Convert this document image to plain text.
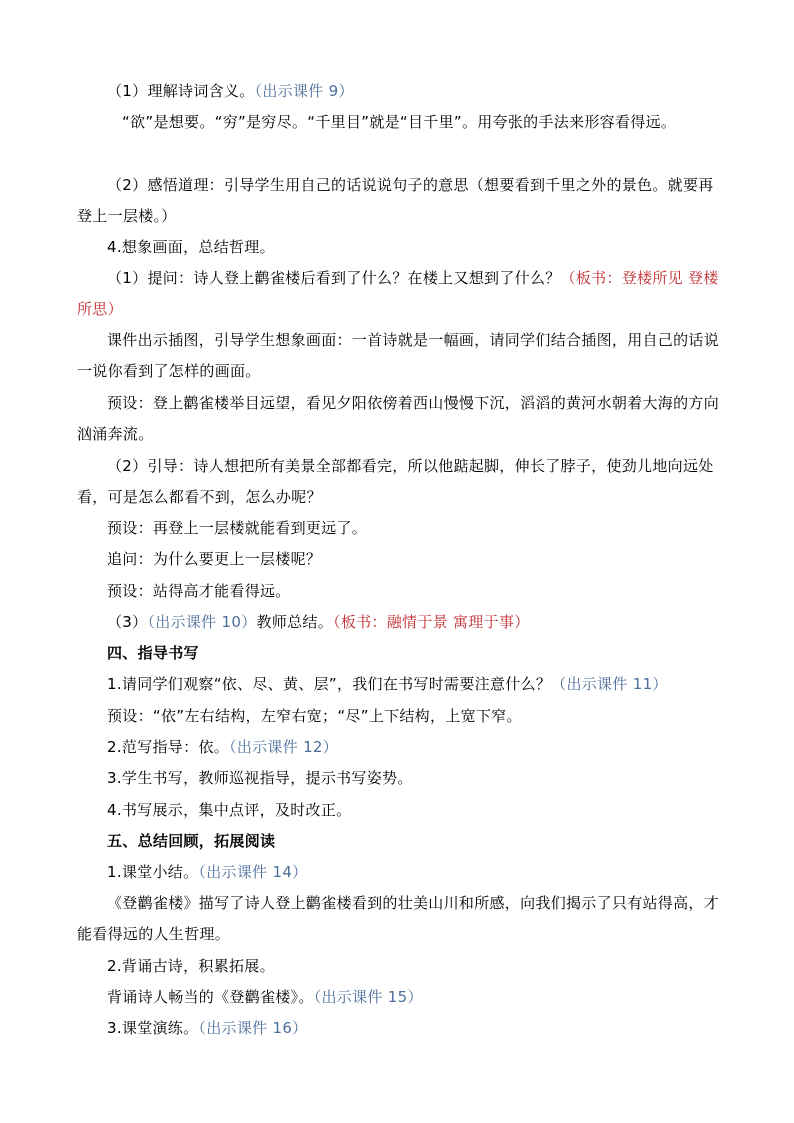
（1）理解诗词含义。（出示课件 9）

“欲”是想要。“穷”是穷尽。“千里目”就是“目千里”。用夸张的手法来形容看得远。

（2）感悟道理：引导学生用自己的话说说句子的意思（想要看到千里之外的景色。就要再登上一层楼。）

4.想象画面，总结哲理。

（1）提问：诗人登上鹳雀楼后看到了什么？在楼上又想到了什么？（板书：登楼所见 登楼所思）

课件出示插图，引导学生想象画面：一首诗就是一幅画，请同学们结合插图，用自己的话说一说你看到了怎样的画面。

预设：登上鹳雀楼举目远望，看见夕阳依傍着西山慢慢下沉，滔滔的黄河水朝着大海的方向汹涌奔流。

（2）引导：诗人想把所有美景全部都看完，所以他踮起脚，伸长了脖子，使劲儿地向远处看，可是怎么都看不到，怎么办呢？

预设：再登上一层楼就能看到更远了。

追问：为什么要更上一层楼呢？

预设：站得高才能看得远。

（3）（出示课件 10）教师总结。（板书：融情于景 寓理于事）

四、指导书写

1.请同学们观察“依、尽、黄、层”，我们在书写时需要注意什么？（出示课件 11）

预设：“依”左右结构，左窄右宽；“尽”上下结构，上宽下窄。

2.范写指导：依。（出示课件 12）

3.学生书写，教师巡视指导，提示书写姿势。

4.书写展示，集中点评，及时改正。

五、总结回顾，拓展阅读

1.课堂小结。（出示课件 14）

《登鹳雀楼》描写了诗人登上鹳雀楼看到的壮美山川和所感，向我们揭示了只有站得高，才能看得远的人生哲理。

2.背诵古诗，积累拓展。

背诵诗人畅当的《登鹳雀楼》。（出示课件 15）

3.课堂演练。（出示课件 16）
